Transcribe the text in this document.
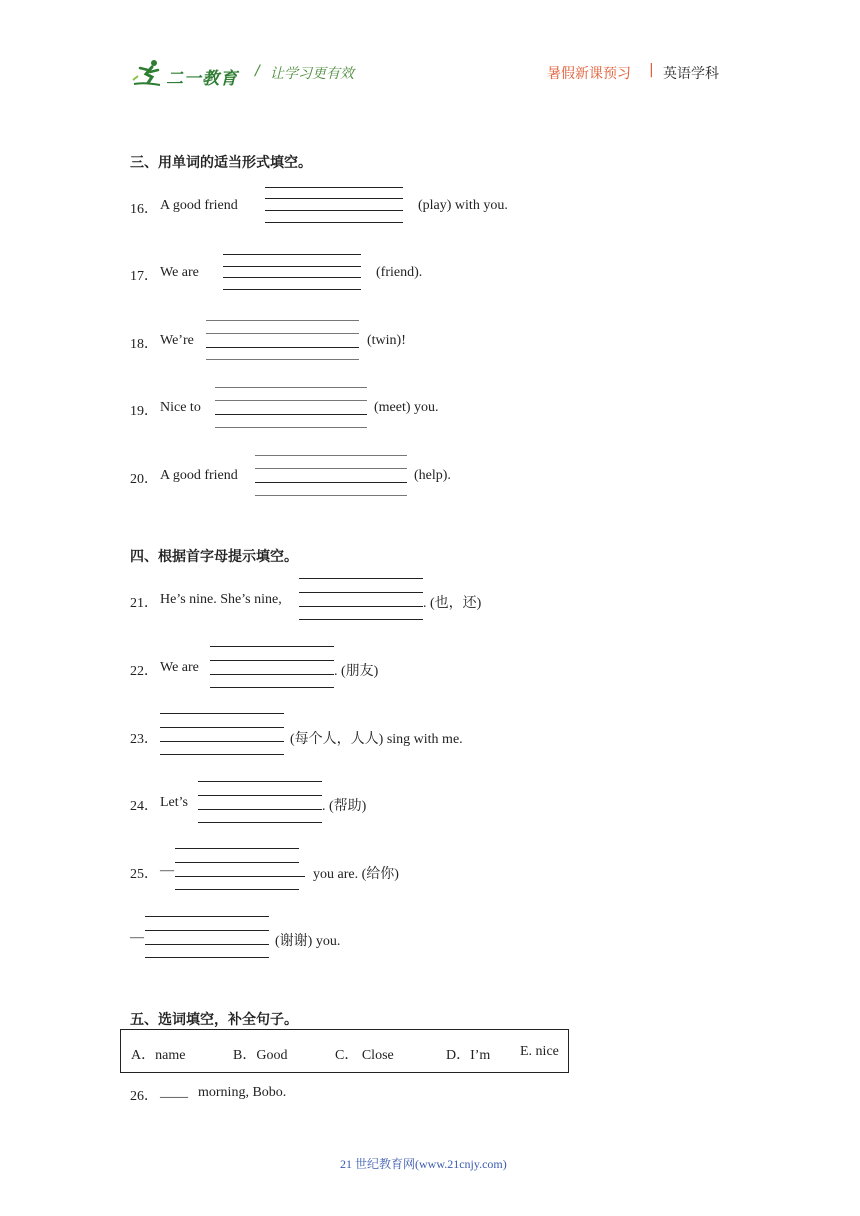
二一教育 / 让学习更有效	暑假新课预习 | 英语学科
三、用单词的适当形式填空。
16． A good friend	(play) with you.
17． We are	(friend).
18． We’re	(twin)!
19． Nice to	(meet) you.
20． A good friend	(help).
四、根据首字母提示填空。
21． He’s nine. She’s nine,	. (也，还)
22． We are	. (朋友)
23．	(每个人，人人) sing with me.
24． Let’s	. (帮助)
25． —	you are. (给你)
—	(谢谢) you.
五、选词填空，补全句子。
A．name	B．Good	C． Close	D．I’m E. nice
26． ____ morning, Bobo.
21 世纪教育网(www.21cnjy.com)
